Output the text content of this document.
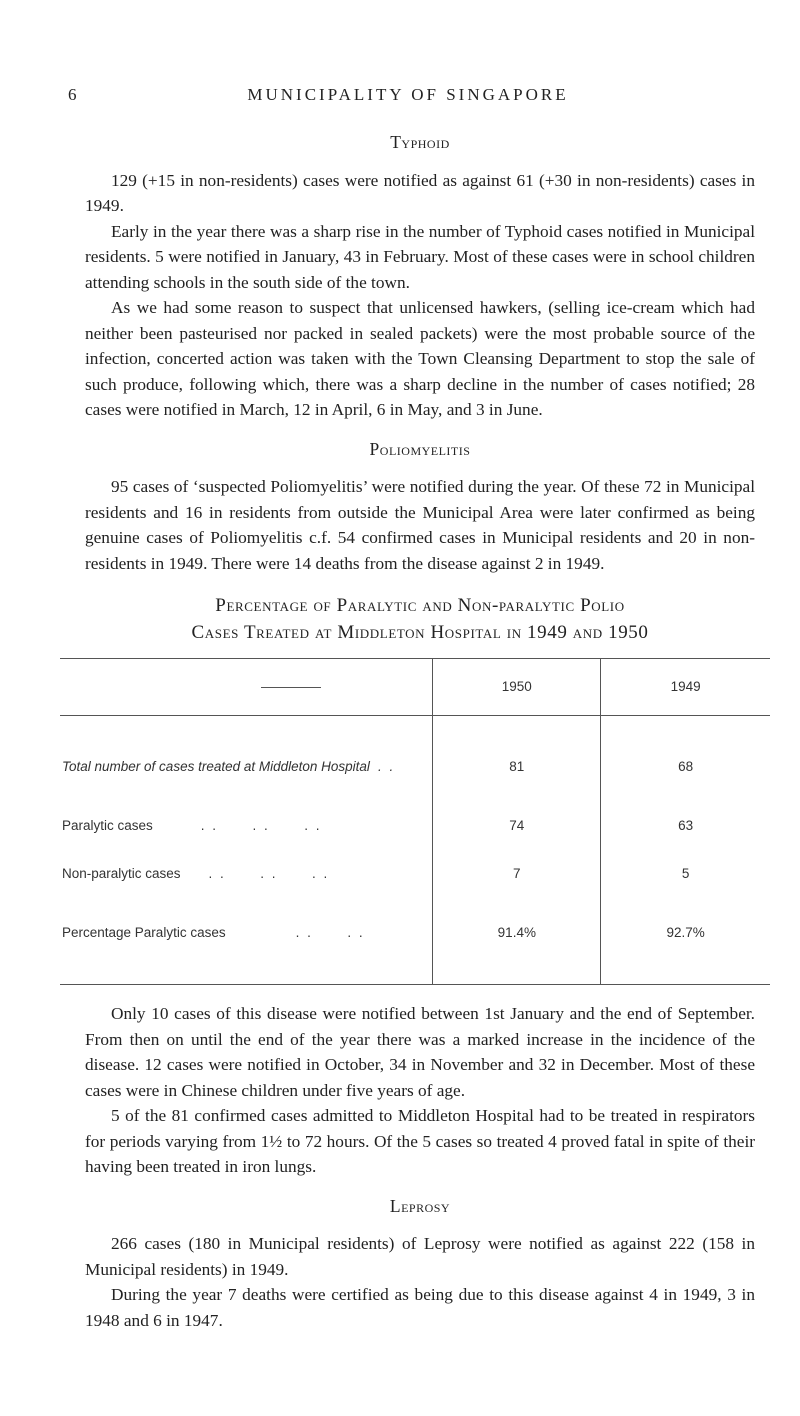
6	MUNICIPALITY OF SINGAPORE
Typhoid

129 (+15 in non-residents) cases were notified as against 61 (+30 in non-residents) cases in 1949.

Early in the year there was a sharp rise in the number of Typhoid cases notified in Municipal residents. 5 were notified in January, 43 in February. Most of these cases were in school children attending schools in the south side of the town.

As we had some reason to suspect that unlicensed hawkers, (selling ice-cream which had neither been pasteurised nor packed in sealed packets) were the most probable source of the infection, concerted action was taken with the Town Cleansing Department to stop the sale of such produce, following which, there was a sharp decline in the number of cases notified; 28 cases were notified in March, 12 in April, 6 in May, and 3 in June.

Poliomyelitis

95 cases of ‘suspected Poliomyelitis’ were notified during the year. Of these 72 in Municipal residents and 16 in residents from outside the Municipal Area were later confirmed as being genuine cases of Poliomyelitis c.f. 54 confirmed cases in Municipal residents and 20 in non-residents in 1949. There were 14 deaths from the disease against 2 in 1949.

Percentage of Paralytic and Non-paralytic Polio
Cases Treated at Middleton Hospital in 1949 and 1950
	1950	1949
Total number of cases treated at Middleton Hospital . .	81	68
Paralytic cases . .      . .      . .	74	63
Non-paralytic cases . .      . .      . .	7	5
Percentage Paralytic cases . .      . .	91.4%	92.7%

Only 10 cases of this disease were notified between 1st January and the end of September. From then on until the end of the year there was a marked increase in the incidence of the disease. 12 cases were notified in October, 34 in November and 32 in December. Most of these cases were in Chinese children under five years of age.

5 of the 81 confirmed cases admitted to Middleton Hospital had to be treated in respirators for periods varying from 1½ to 72 hours. Of the 5 cases so treated 4 proved fatal in spite of their having been treated in iron lungs.

Leprosy

266 cases (180 in Municipal residents) of Leprosy were notified as against 222 (158 in Municipal residents) in 1949.

During the year 7 deaths were certified as being due to this disease against 4 in 1949, 3 in 1948 and 6 in 1947.
